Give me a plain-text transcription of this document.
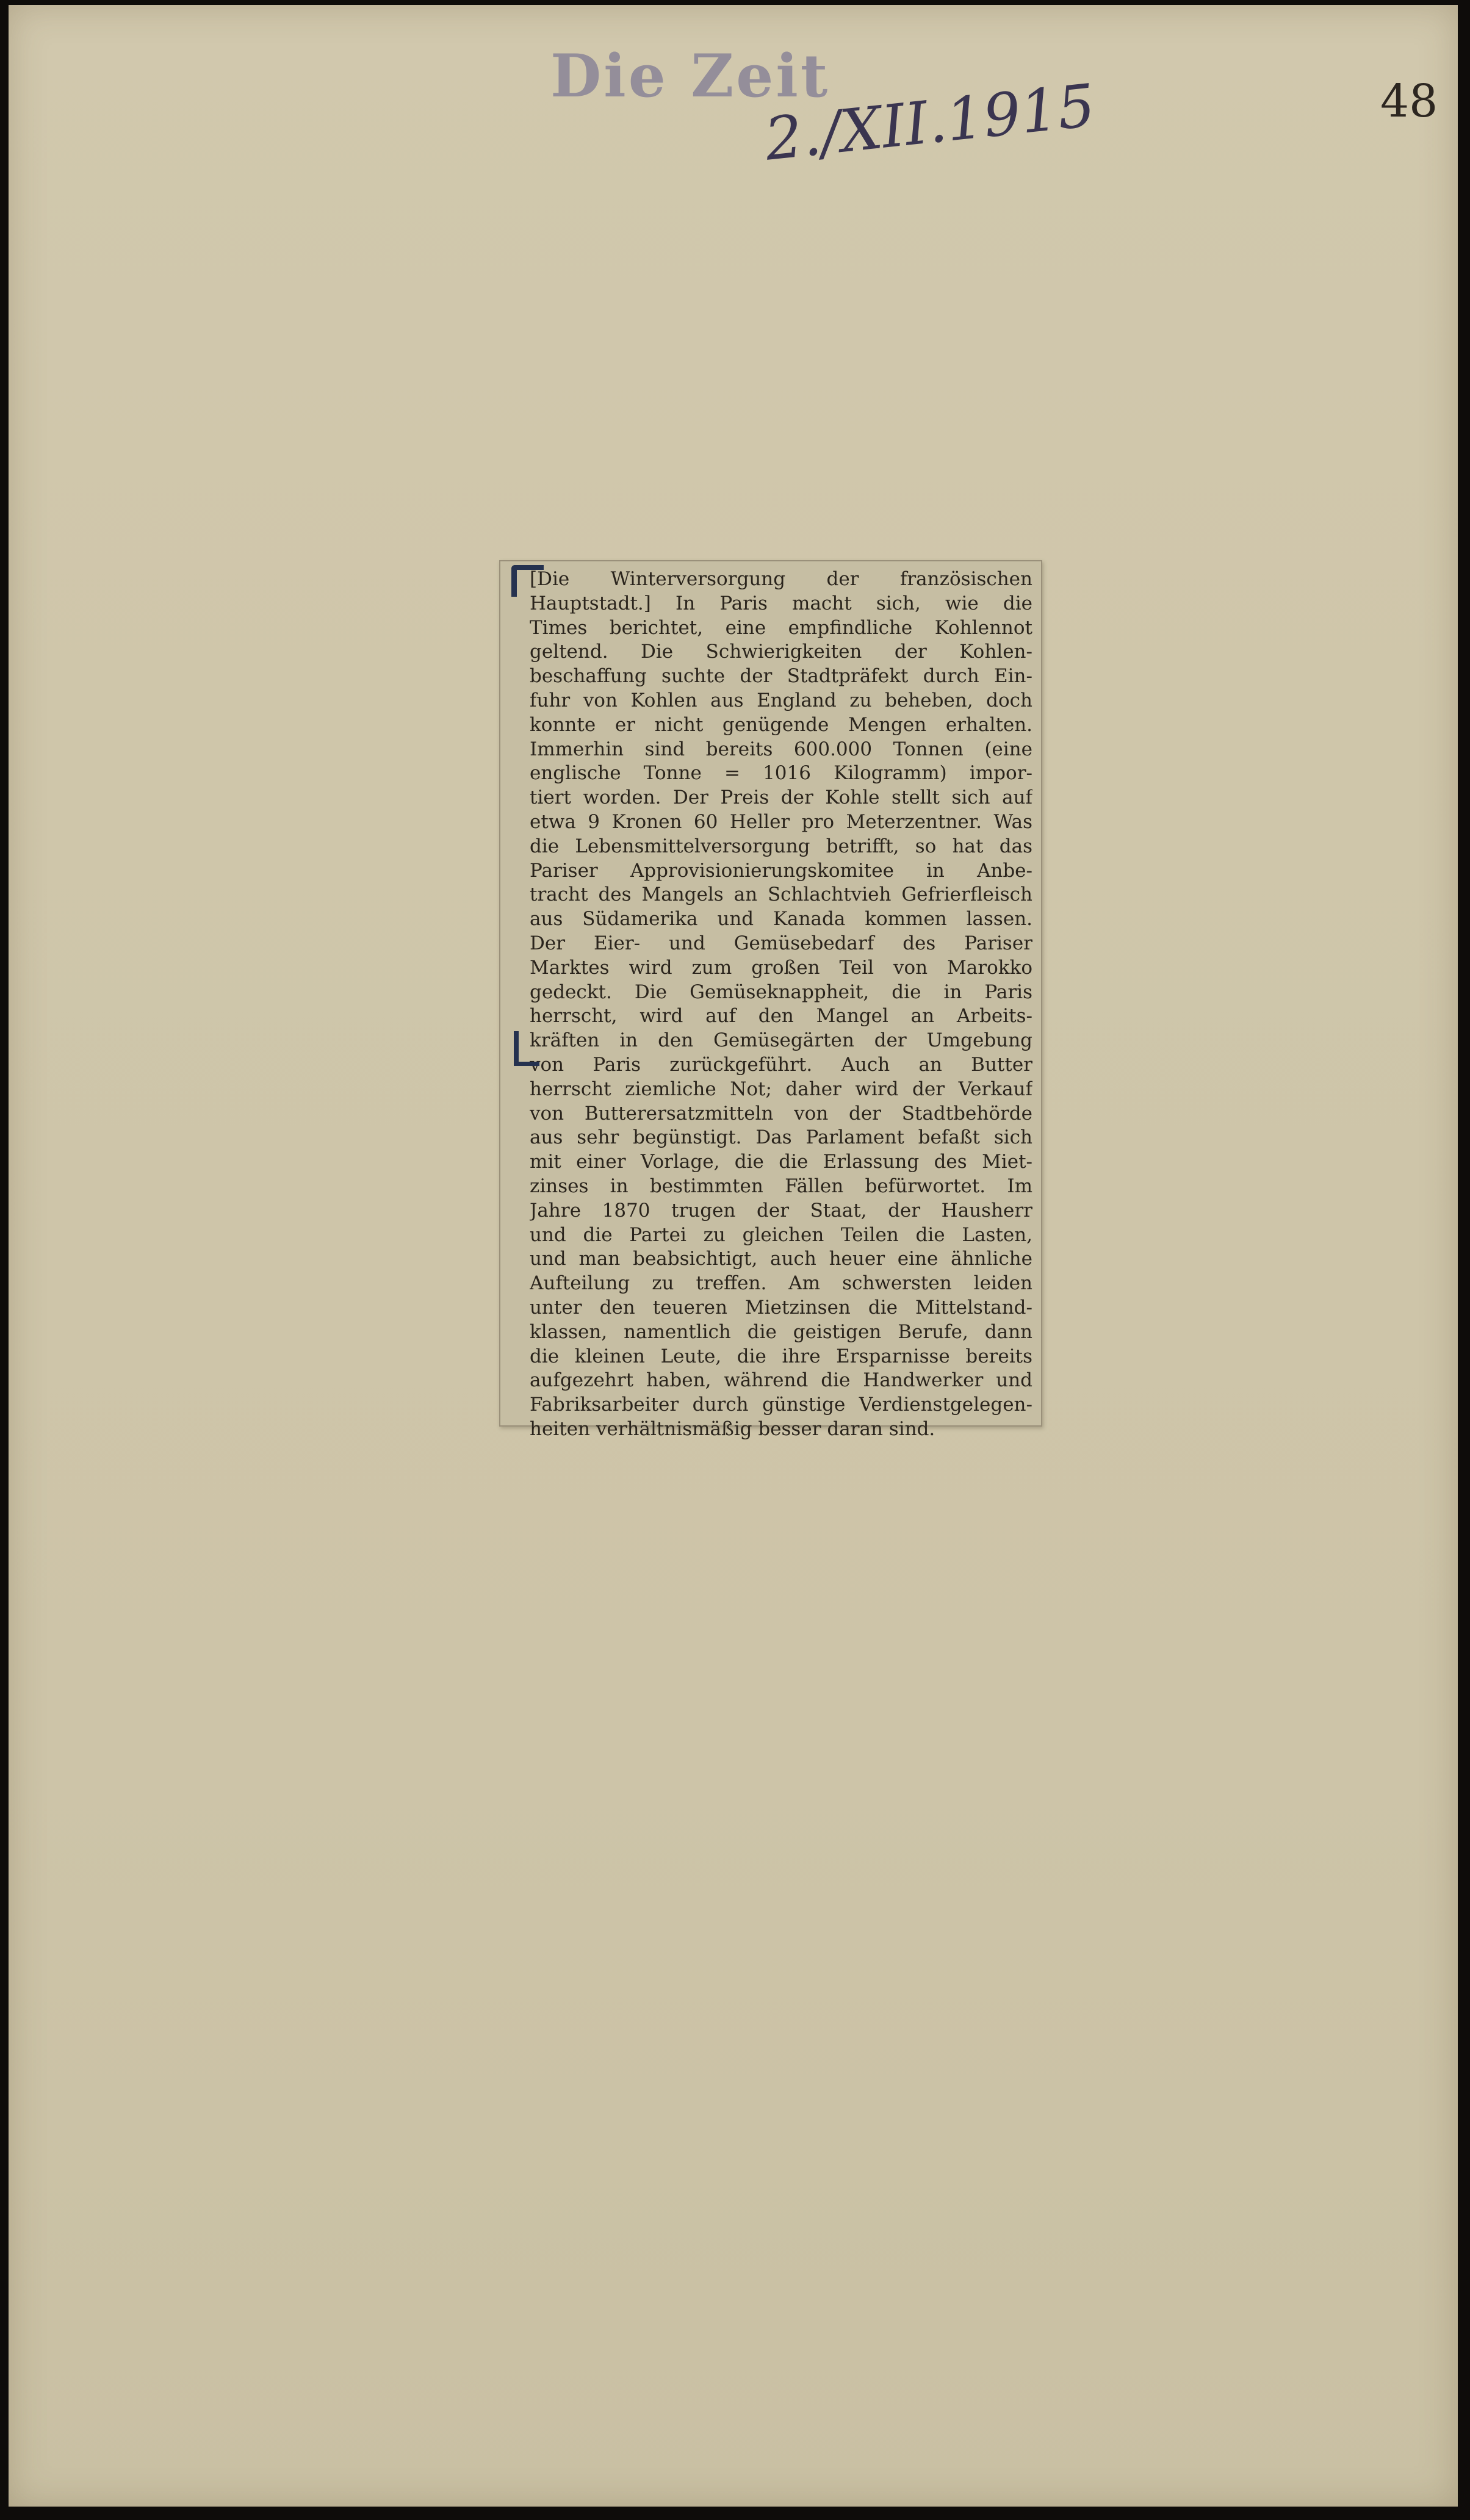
Die Zeit
2./XII.1915	48
[Die Winterversorgung der französischen
Hauptstadt.] In Paris macht sich, wie die
Times berichtet, eine empfindliche Kohlennot
geltend. Die Schwierigkeiten der Kohlen-
beschaffung suchte der Stadtpräfekt durch Ein-
fuhr von Kohlen aus England zu beheben, doch
konnte er nicht genügende Mengen erhalten.
Immerhin sind bereits 600.000 Tonnen (eine
englische Tonne = 1016 Kilogramm) impor-
tiert worden. Der Preis der Kohle stellt sich auf
etwa 9 Kronen 60 Heller pro Meterzentner. Was
die Lebensmittelversorgung betrifft, so hat das
Pariser Approvisionierungskomitee in Anbe-
tracht des Mangels an Schlachtvieh Gefrierfleisch
aus Südamerika und Kanada kommen lassen.
Der Eier- und Gemüsebedarf des Pariser
Marktes wird zum großen Teil von Marokko
gedeckt. Die Gemüseknappheit, die in Paris
herrscht, wird auf den Mangel an Arbeits-
kräften in den Gemüsegärten der Umgebung
von Paris zurückgeführt. Auch an Butter
herrscht ziemliche Not; daher wird der Verkauf
von Butterersatzmitteln von der Stadtbehörde
aus sehr begünstigt. Das Parlament befaßt sich
mit einer Vorlage, die die Erlassung des Miet-
zinses in bestimmten Fällen befürwortet. Im
Jahre 1870 trugen der Staat, der Hausherr
und die Partei zu gleichen Teilen die Lasten,
und man beabsichtigt, auch heuer eine ähnliche
Aufteilung zu treffen. Am schwersten leiden
unter den teueren Mietzinsen die Mittelstand-
klassen, namentlich die geistigen Berufe, dann
die kleinen Leute, die ihre Ersparnisse bereits
aufgezehrt haben, während die Handwerker und
Fabriksarbeiter durch günstige Verdienstgelegen-
heiten verhältnismäßig besser daran sind.
